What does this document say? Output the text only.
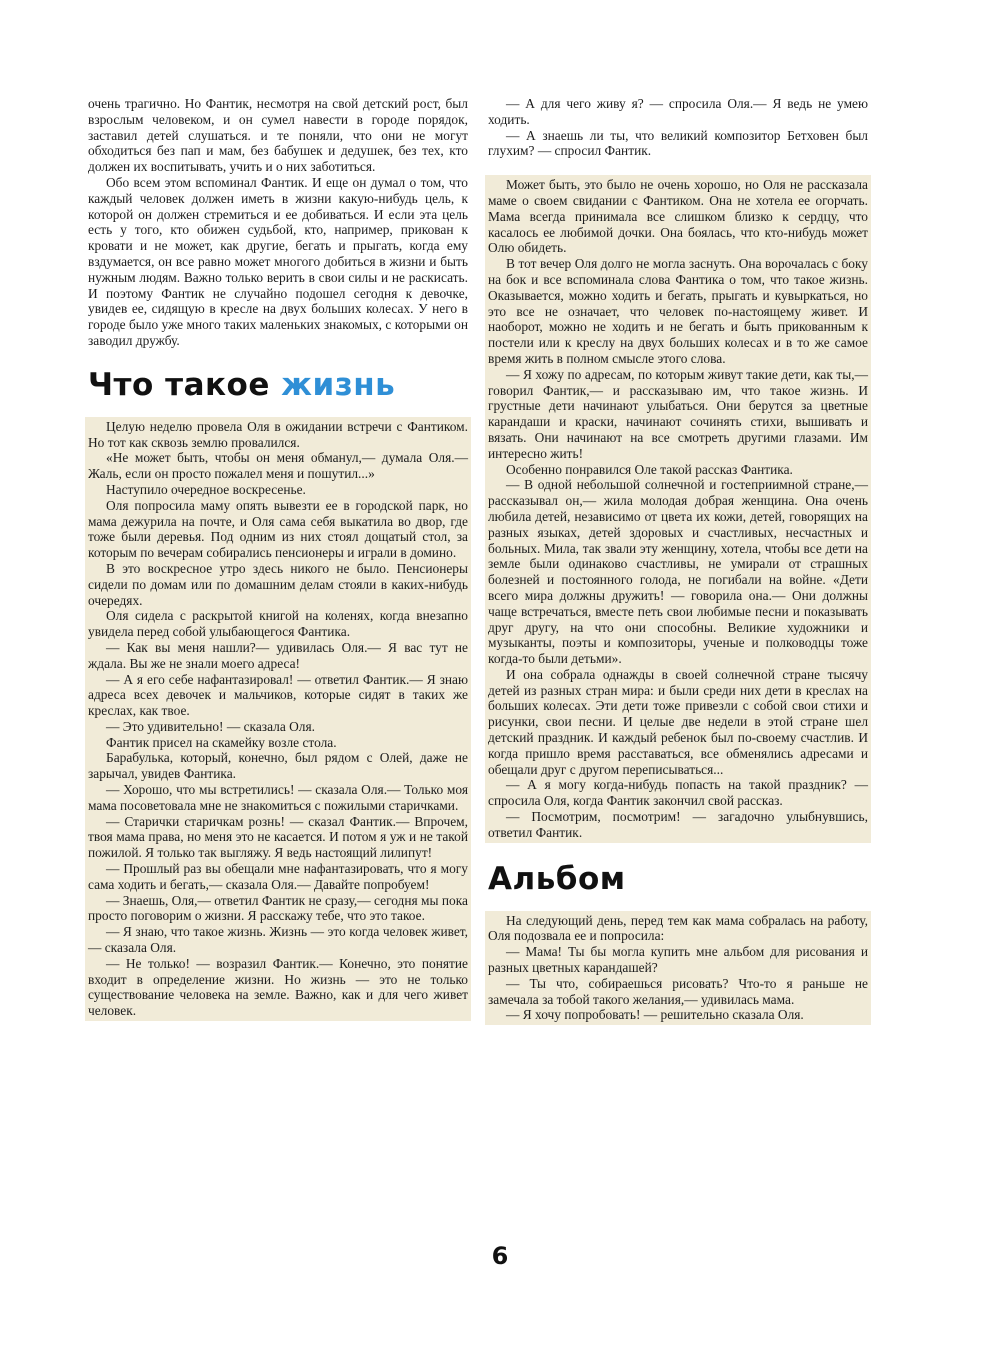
очень трагично. Но Фантик, несмотря на свой детский рост, был взрослым человеком, и он сумел навести в городе порядок, заставил детей слушаться. и те поняли, что они не могут обходиться без пап и мам, без бабушек и дедушек, без тех, кто должен их воспитывать, учить и о них заботиться.

Обо всем этом вспоминал Фантик. И еще он думал о том, что каждый человек должен иметь в жизни какую-нибудь цель, к которой он должен стремиться и ее добиваться. И если эта цель есть у того, кто обижен судьбой, кто, например, прикован к кровати и не может, как другие, бегать и прыгать, когда ему вздумается, он все равно может многого добиться в жизни и быть нужным людям. Важно только верить в свои силы и не раскисать. И поэтому Фантик не случайно подошел сегодня к девочке, увидев ее, сидящую в кресле на двух больших колесах. У него в городе было уже много таких маленьких знакомых, с которыми он заводил дружбу.

Что такое жизнь

Целую неделю провела Оля в ожидании встречи с Фантиком. Но тот как сквозь землю провалился.

«Не может быть, чтобы он меня обманул,— думала Оля.— Жаль, если он просто пожалел меня и пошутил...»

Наступило очередное воскресенье.

Оля попросила маму опять вывезти ее в городской парк, но мама дежурила на почте, и Оля сама себя выкатила во двор, где тоже были деревья. Под одним из них стоял дощатый стол, за которым по вечерам собирались пенсионеры и играли в домино.

В это воскресное утро здесь никого не было. Пенсионеры сидели по домам или по домашним делам стояли в каких-нибудь очередях.

Оля сидела с раскрытой книгой на коленях, когда внезапно увидела перед собой улыбающегося Фантика.

— Как вы меня нашли?— удивилась Оля.— Я вас тут не ждала. Вы же не знали моего адреса!

— А я его себе нафантазировал! — ответил Фантик.— Я знаю адреса всех девочек и мальчиков, которые сидят в таких же креслах, как твое.

— Это удивительно! — сказала Оля.

Фантик присел на скамейку возле стола.

Барабулька, который, конечно, был рядом с Олей, даже не зарычал, увидев Фантика.

— Хорошо, что мы встретились! — сказала Оля.— Только моя мама посоветовала мне не знакомиться с пожилыми старичками.

— Старички старичкам рознь! — сказал Фантик.— Впрочем, твоя мама права, но меня это не касается. И потом я уж и не такой пожилой. Я только так выгляжу. Я ведь настоящий лилипут!

— Прошлый раз вы обещали мне нафантазировать, что я могу сама ходить и бегать,— сказала Оля.— Давайте попробуем!

— Знаешь, Оля,— ответил Фантик не сразу,— сегодня мы пока просто поговорим о жизни. Я расскажу тебе, что это такое.

— Я знаю, что такое жизнь. Жизнь — это когда человек живет,— сказала Оля.

— Не только! — возразил Фантик.— Конечно, это понятие входит в определение жизни. Но жизнь — это не только существование человека на земле. Важно, как и для чего живет человек.

— А для чего живу я? — спросила Оля.— Я ведь не умею ходить.

— А знаешь ли ты, что великий композитор Бетховен был глухим? — спросил Фантик.

Может быть, это было не очень хорошо, но Оля не рассказала маме о своем свидании с Фантиком. Она не хотела ее огорчать. Мама всегда принимала все слишком близко к сердцу, что касалось ее любимой дочки. Она боялась, что кто-нибудь может Олю обидеть.

В тот вечер Оля долго не могла заснуть. Она ворочалась с боку на бок и все вспоминала слова Фантика о том, что такое жизнь. Оказывается, можно ходить и бегать, прыгать и кувыркаться, но это все не означает, что человек по-настоящему живет. И наоборот, можно не ходить и не бегать и быть прикованным к постели или к креслу на двух больших колесах и в то же самое время жить в полном смысле этого слова.

— Я хожу по адресам, по которым живут такие дети, как ты,— говорил Фантик,— и рассказываю им, что такое жизнь. И грустные дети начинают улыбаться. Они берутся за цветные карандаши и краски, начинают сочинять стихи, вышивать и вязать. Они начинают на все смотреть другими глазами. Им интересно жить!

Особенно понравился Оле такой рассказ Фантика.

— В одной небольшой солнечной и гостеприимной стране,— рассказывал он,— жила молодая добрая женщина. Она очень любила детей, независимо от цвета их кожи, детей, говорящих на разных языках, детей здоровых и счастливых, несчастных и больных. Мила, так звали эту женщину, хотела, чтобы все дети на земле были одинаково счастливы, не умирали от страшных болезней и постоянного голода, не погибали на войне. «Дети всего мира должны дружить! — говорила она.— Они должны чаще встречаться, вместе петь свои любимые песни и показывать друг другу, на что они способны. Великие художники и музыканты, поэты и композиторы, ученые и полководцы тоже когда-то были детьми».

И она собрала однажды в своей солнечной стране тысячу детей из разных стран мира: и были среди них дети в креслах на больших колесах. Эти дети тоже привезли с собой свои стихи и рисунки, свои песни. И целые две недели в этой стране шел детский праздник. И каждый ребенок был по-своему счастлив. И когда пришло время расставаться, все обменялись адресами и обещали друг с другом переписываться...

— А я могу когда-нибудь попасть на такой праздник? — спросила Оля, когда Фантик закончил свой рассказ.

— Посмотрим, посмотрим! — загадочно улыбнувшись, ответил Фантик.

Альбом

На следующий день, перед тем как мама собралась на работу, Оля подозвала ее и попросила:

— Мама! Ты бы могла купить мне альбом для рисования и разных цветных карандашей?

— Ты что, собираешься рисовать? Что-то я раньше не замечала за тобой такого желания,— удивилась мама.

— Я хочу попробовать! — решительно сказала Оля.

6
